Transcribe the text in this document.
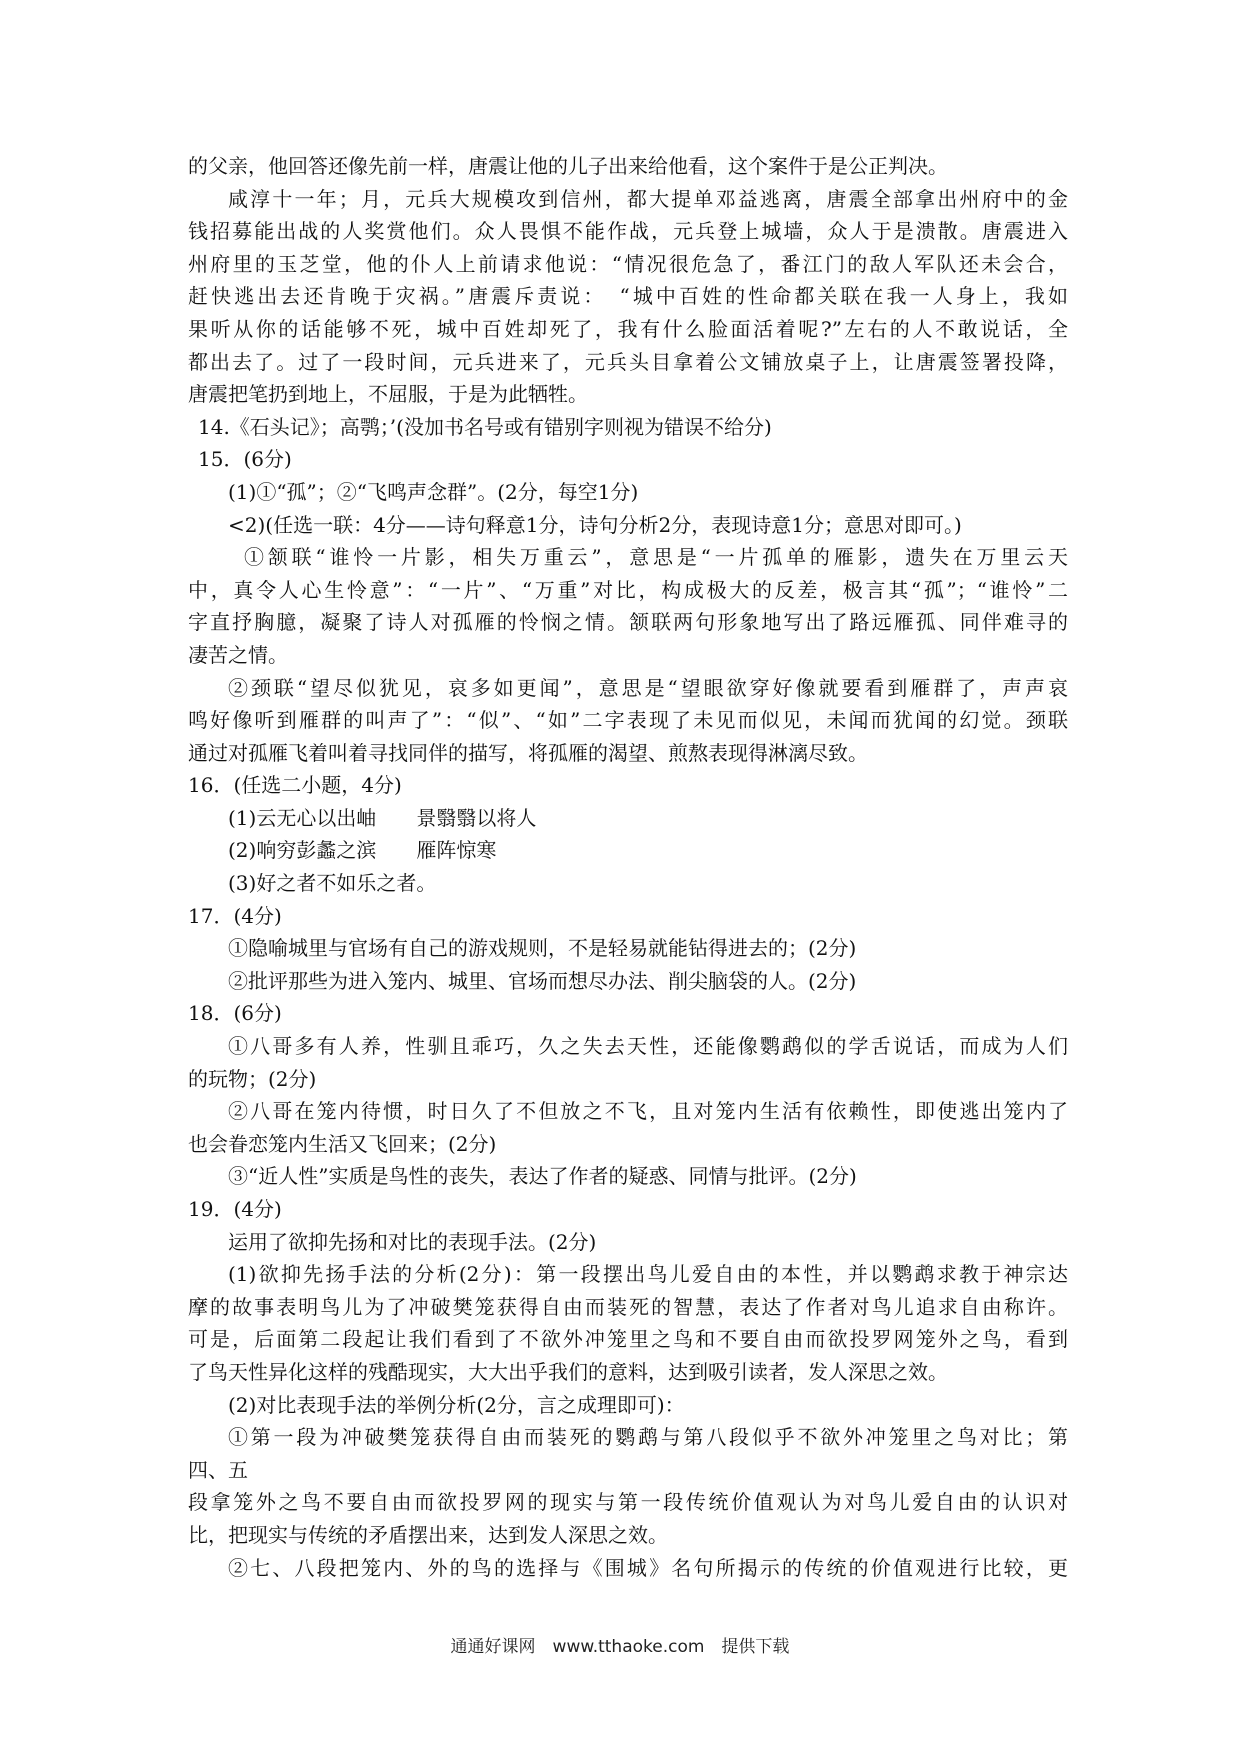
的父亲，他回答还像先前一样，唐震让他的儿子出来给他看，这个案件于是公正判决。
咸淳十一年；月，元兵大规模攻到信州，都大提单邓益逃离，唐震全部拿出州府中的金
钱招募能出战的人奖赏他们。众人畏惧不能作战，元兵登上城墙，众人于是溃散。唐震进入
州府里的玉芝堂，他的仆人上前请求他说：“情况很危急了，番江门的敌人军队还未会合，
赶快逃出去还肯晚于灾祸。”唐震斥责说：　“城中百姓的性命都关联在我一人身上，我如
果听从你的话能够不死，城中百姓却死了，我有什么脸面活着呢?”左右的人不敢说话，全
都出去了。过了一段时间，元兵进来了，元兵头目拿着公文铺放桌子上，让唐震签署投降，
唐震把笔扔到地上，不屈服，于是为此牺牲。
14.《石头记》；高鹗；’(没加书名号或有错别字则视为错误不给分)
15．(6分)
(1)①“孤”；②“飞鸣声念群”。(2分，每空1分)
<2)(任选一联：4分——诗句释意1分，诗句分析2分，表现诗意1分；意思对即可。)
①颔联“谁怜一片影，相失万重云”，意思是“一片孤单的雁影，遗失在万里云天
中，真令人心生怜意”：“一片”、“万重”对比，构成极大的反差，极言其“孤”；“谁怜”二
字直抒胸臆，凝聚了诗人对孤雁的怜悯之情。颔联两句形象地写出了路远雁孤、同伴难寻的
凄苦之情。
②颈联“望尽似犹见，哀多如更闻”，意思是“望眼欲穿好像就要看到雁群了，声声哀
鸣好像听到雁群的叫声了”：“似”、“如”二字表现了未见而似见，未闻而犹闻的幻觉。颈联
通过对孤雁飞着叫着寻找同伴的描写，将孤雁的渴望、煎熬表现得淋漓尽致。
16．(任选二小题，4分)
(1)云无心以出岫　　景翳翳以将人
(2)响穷彭蠡之滨　　雁阵惊寒
(3)好之者不如乐之者。
17．(4分)
①隐喻城里与官场有自己的游戏规则，不是轻易就能钻得进去的；(2分)
②批评那些为进入笼内、城里、官场而想尽办法、削尖脑袋的人。(2分)
18．(6分)
①八哥多有人养，性驯且乖巧，久之失去天性，还能像鹦鹉似的学舌说话，而成为人们
的玩物；(2分)
②八哥在笼内待惯，时日久了不但放之不飞，且对笼内生活有依赖性，即使逃出笼内了
也会眷恋笼内生活又飞回来；(2分)
③“近人性”实质是鸟性的丧失，表达了作者的疑惑、同情与批评。(2分)
19．(4分)
运用了欲抑先扬和对比的表现手法。(2分)
(1)欲抑先扬手法的分析(2分)：第一段摆出鸟儿爱自由的本性，并以鹦鹉求教于神宗达
摩的故事表明鸟儿为了冲破樊笼获得自由而装死的智慧，表达了作者对鸟儿追求自由称许。
可是，后面第二段起让我们看到了不欲外冲笼里之鸟和不要自由而欲投罗网笼外之鸟，看到
了鸟天性异化这样的残酷现实，大大出乎我们的意料，达到吸引读者，发人深思之效。
(2)对比表现手法的举例分析(2分，言之成理即可)：
①第一段为冲破樊笼获得自由而装死的鹦鹉与第八段似乎不欲外冲笼里之鸟对比；第
四、五
段拿笼外之鸟不要自由而欲投罗网的现实与第一段传统价值观认为对鸟儿爱自由的认识对
比，把现实与传统的矛盾摆出来，达到发人深思之效。
②七、八段把笼内、外的鸟的选择与《围城》名句所揭示的传统的价值观进行比较，更
通通好课网　www.tthaoke.com　提供下载
